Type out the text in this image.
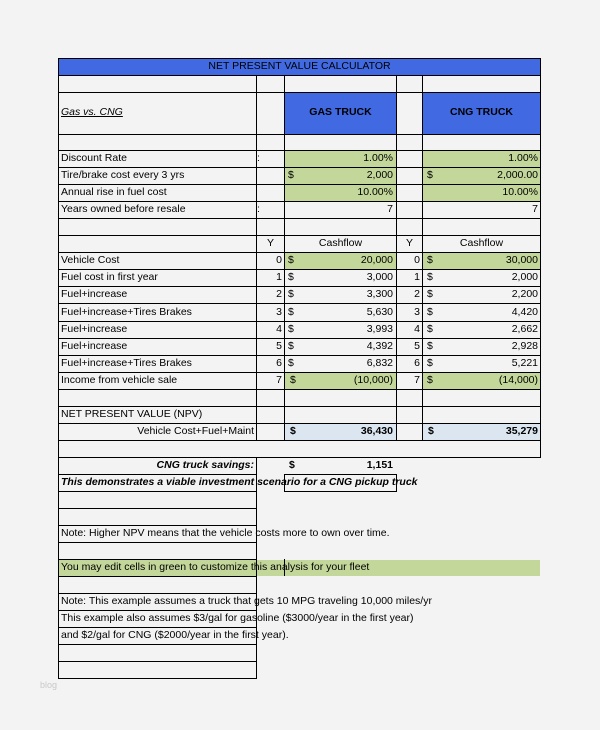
NET PRESENT VALUE CALCULATOR
Gas vs. CNG	GAS TRUCK	CNG TRUCK
Discount Rate	:	1.00%	1.00%
Tire/brake cost every 3 yrs	$	2,000	$	2,000.00
Annual rise in fuel cost	10.00%	10.00%
Years owned before resale	:	7	7
Y	Cashflow	Y	Cashflow
Vehicle Cost	0 $	20,000	0 $	30,000
Fuel cost in first year	1 $	3,000	1 $	2,000
Fuel+increase	2 $	3,300	2 $	2,200
Fuel+increase+Tires Brakes	3 $	5,630	3 $	4,420
Fuel+increase	4 $	3,993	4 $	2,662
Fuel+increase	5 $	4,392	5 $	2,928
Fuel+increase+Tires Brakes	6 $	6,832	6 $	5,221
Income from vehicle sale	7 $	(10,000)	7 $	(14,000)
NET PRESENT VALUE (NPV)
Vehicle Cost+Fuel+Maint :	$	36,430	$	35,279
CNG truck savings:	$	1,151
This demonstrates a viable investment scenario for a CNG pickup truck
Note: Higher NPV means that the vehicle costs more to own over time.
You may edit cells in green to customize this analysis for your fleet
Note: This example assumes a truck that gets 10 MPG traveling 10,000 miles/yr
This example also assumes $3/gal for gasoline ($3000/year in the first year)
and $2/gal for CNG ($2000/year in the first year).
blog
